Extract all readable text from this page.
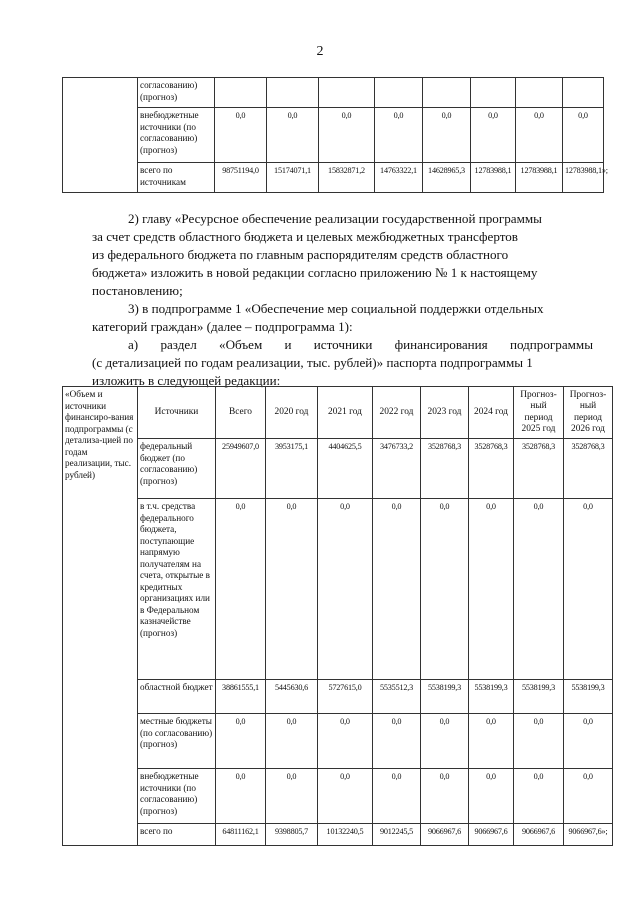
2
	согласованию) (прогноз)								
	внебюджетные источники (по согласованию) (прогноз)	0,0	0,0	0,0	0,0	0,0	0,0	0,0	0,0
	всего по источникам	98751194,0	15174071,1	15832871,2	14763322,1	14628965,3	12783988,1	12783988,1	12783988,1»;
2) главу «Ресурсное обеспечение реализации государственной программы
за счет средств областного бюджета и целевых межбюджетных трансфертов
из федерального бюджета по главным распорядителям средств областного
бюджета» изложить в новой редакции согласно приложению № 1 к настоящему
постановлению;
3) в подпрограмме 1 «Обеспечение мер социальной поддержки отдельных
категорий граждан» (далее – подпрограмма 1):
а) раздел «Объем и источники финансирования подпрограммы
(с детализацией по годам реализации, тыс. рублей)» паспорта подпрограммы 1
изложить в следующей редакции:
«Объем и источники финансиро-вания подпрограммы (с детализа-цией по годам реализации, тыс. рублей)	Источники	Всего	2020 год	2021 год	2022 год	2023 год	2024 год	Прогноз-ный период 2025 год	Прогноз-ный период 2026 год
	федеральный бюджет (по согласованию) (прогноз)	25949607,0	3953175,1	4404625,5	3476733,2	3528768,3	3528768,3	3528768,3	3528768,3
	в т.ч. средства федерального бюджета, поступающие напрямую получателям на счета, открытые в кредитных организациях или в Федеральном казначействе (прогноз)	0,0	0,0	0,0	0,0	0,0	0,0	0,0	0,0
	областной бюджет	38861555,1	5445630,6	5727615,0	5535512,3	5538199,3	5538199,3	5538199,3	5538199,3
	местные бюджеты (по согласованию) (прогноз)	0,0	0,0	0,0	0,0	0,0	0,0	0,0	0,0
	внебюджетные источники (по согласованию) (прогноз)	0,0	0,0	0,0	0,0	0,0	0,0	0,0	0,0
	всего по	64811162,1	9398805,7	10132240,5	9012245,5	9066967,6	9066967,6	9066967,6	9066967,6»;
